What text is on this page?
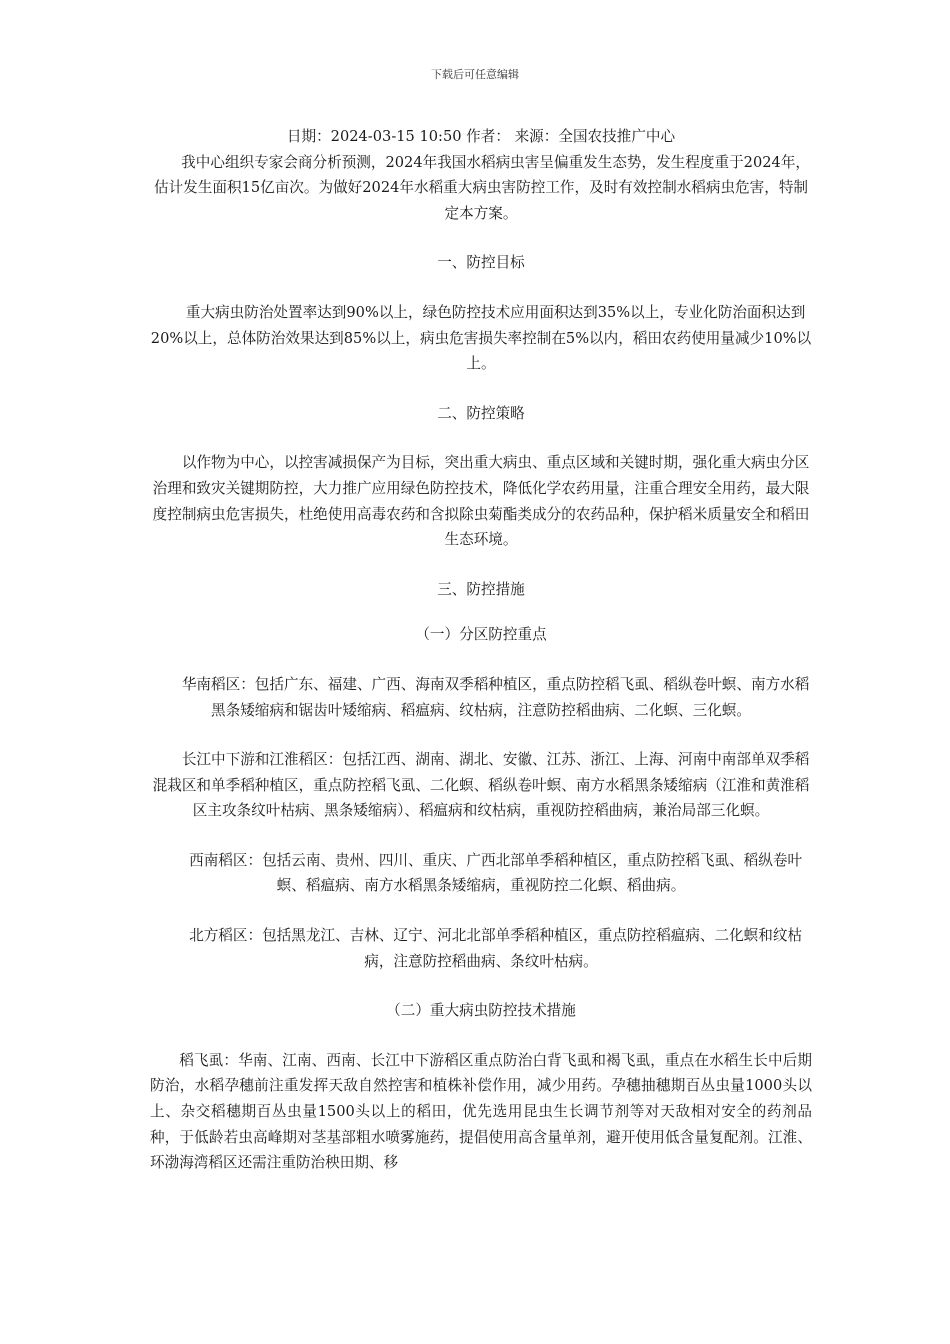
下载后可任意编辑

日期：2024-03-15 10:50 作者： 来源：全国农技推广中心

我中心组织专家会商分析预测，2024年我国水稻病虫害呈偏重发生态势，发生程度重于2024年，估计发生面积15亿亩次。为做好2024年水稻重大病虫害防控工作，及时有效控制水稻病虫危害，特制定本方案。

一、防控目标

重大病虫防治处置率达到90%以上，绿色防控技术应用面积达到35%以上，专业化防治面积达到20%以上，总体防治效果达到85%以上，病虫危害损失率控制在5%以内，稻田农药使用量减少10%以上。

二、防控策略

以作物为中心，以控害减损保产为目标，突出重大病虫、重点区域和关键时期，强化重大病虫分区治理和致灾关键期防控，大力推广应用绿色防控技术，降低化学农药用量，注重合理安全用药，最大限度控制病虫危害损失，杜绝使用高毒农药和含拟除虫菊酯类成分的农药品种，保护稻米质量安全和稻田生态环境。

三、防控措施

（一）分区防控重点

华南稻区：包括广东、福建、广西、海南双季稻种植区，重点防控稻飞虱、稻纵卷叶螟、南方水稻黑条矮缩病和锯齿叶矮缩病、稻瘟病、纹枯病，注意防控稻曲病、二化螟、三化螟。

长江中下游和江淮稻区：包括江西、湖南、湖北、安徽、江苏、浙江、上海、河南中南部单双季稻混栽区和单季稻种植区，重点防控稻飞虱、二化螟、稻纵卷叶螟、南方水稻黑条矮缩病（江淮和黄淮稻区主攻条纹叶枯病、黑条矮缩病）、稻瘟病和纹枯病，重视防控稻曲病，兼治局部三化螟。

西南稻区：包括云南、贵州、四川、重庆、广西北部单季稻种植区，重点防控稻飞虱、稻纵卷叶螟、稻瘟病、南方水稻黑条矮缩病，重视防控二化螟、稻曲病。

北方稻区：包括黑龙江、吉林、辽宁、河北北部单季稻种植区，重点防控稻瘟病、二化螟和纹枯病，注意防控稻曲病、条纹叶枯病。

（二）重大病虫防控技术措施

稻飞虱：华南、江南、西南、长江中下游稻区重点防治白背飞虱和褐飞虱，重点在水稻生长中后期防治，水稻孕穗前注重发挥天敌自然控害和植株补偿作用，减少用药。孕穗抽穗期百丛虫量1000头以上、杂交稻穗期百丛虫量1500头以上的稻田，优先选用昆虫生长调节剂等对天敌相对安全的药剂品种，于低龄若虫高峰期对茎基部粗水喷雾施药，提倡使用高含量单剂，避开使用低含量复配剂。江淮、环渤海湾稻区还需注重防治秧田期、移
